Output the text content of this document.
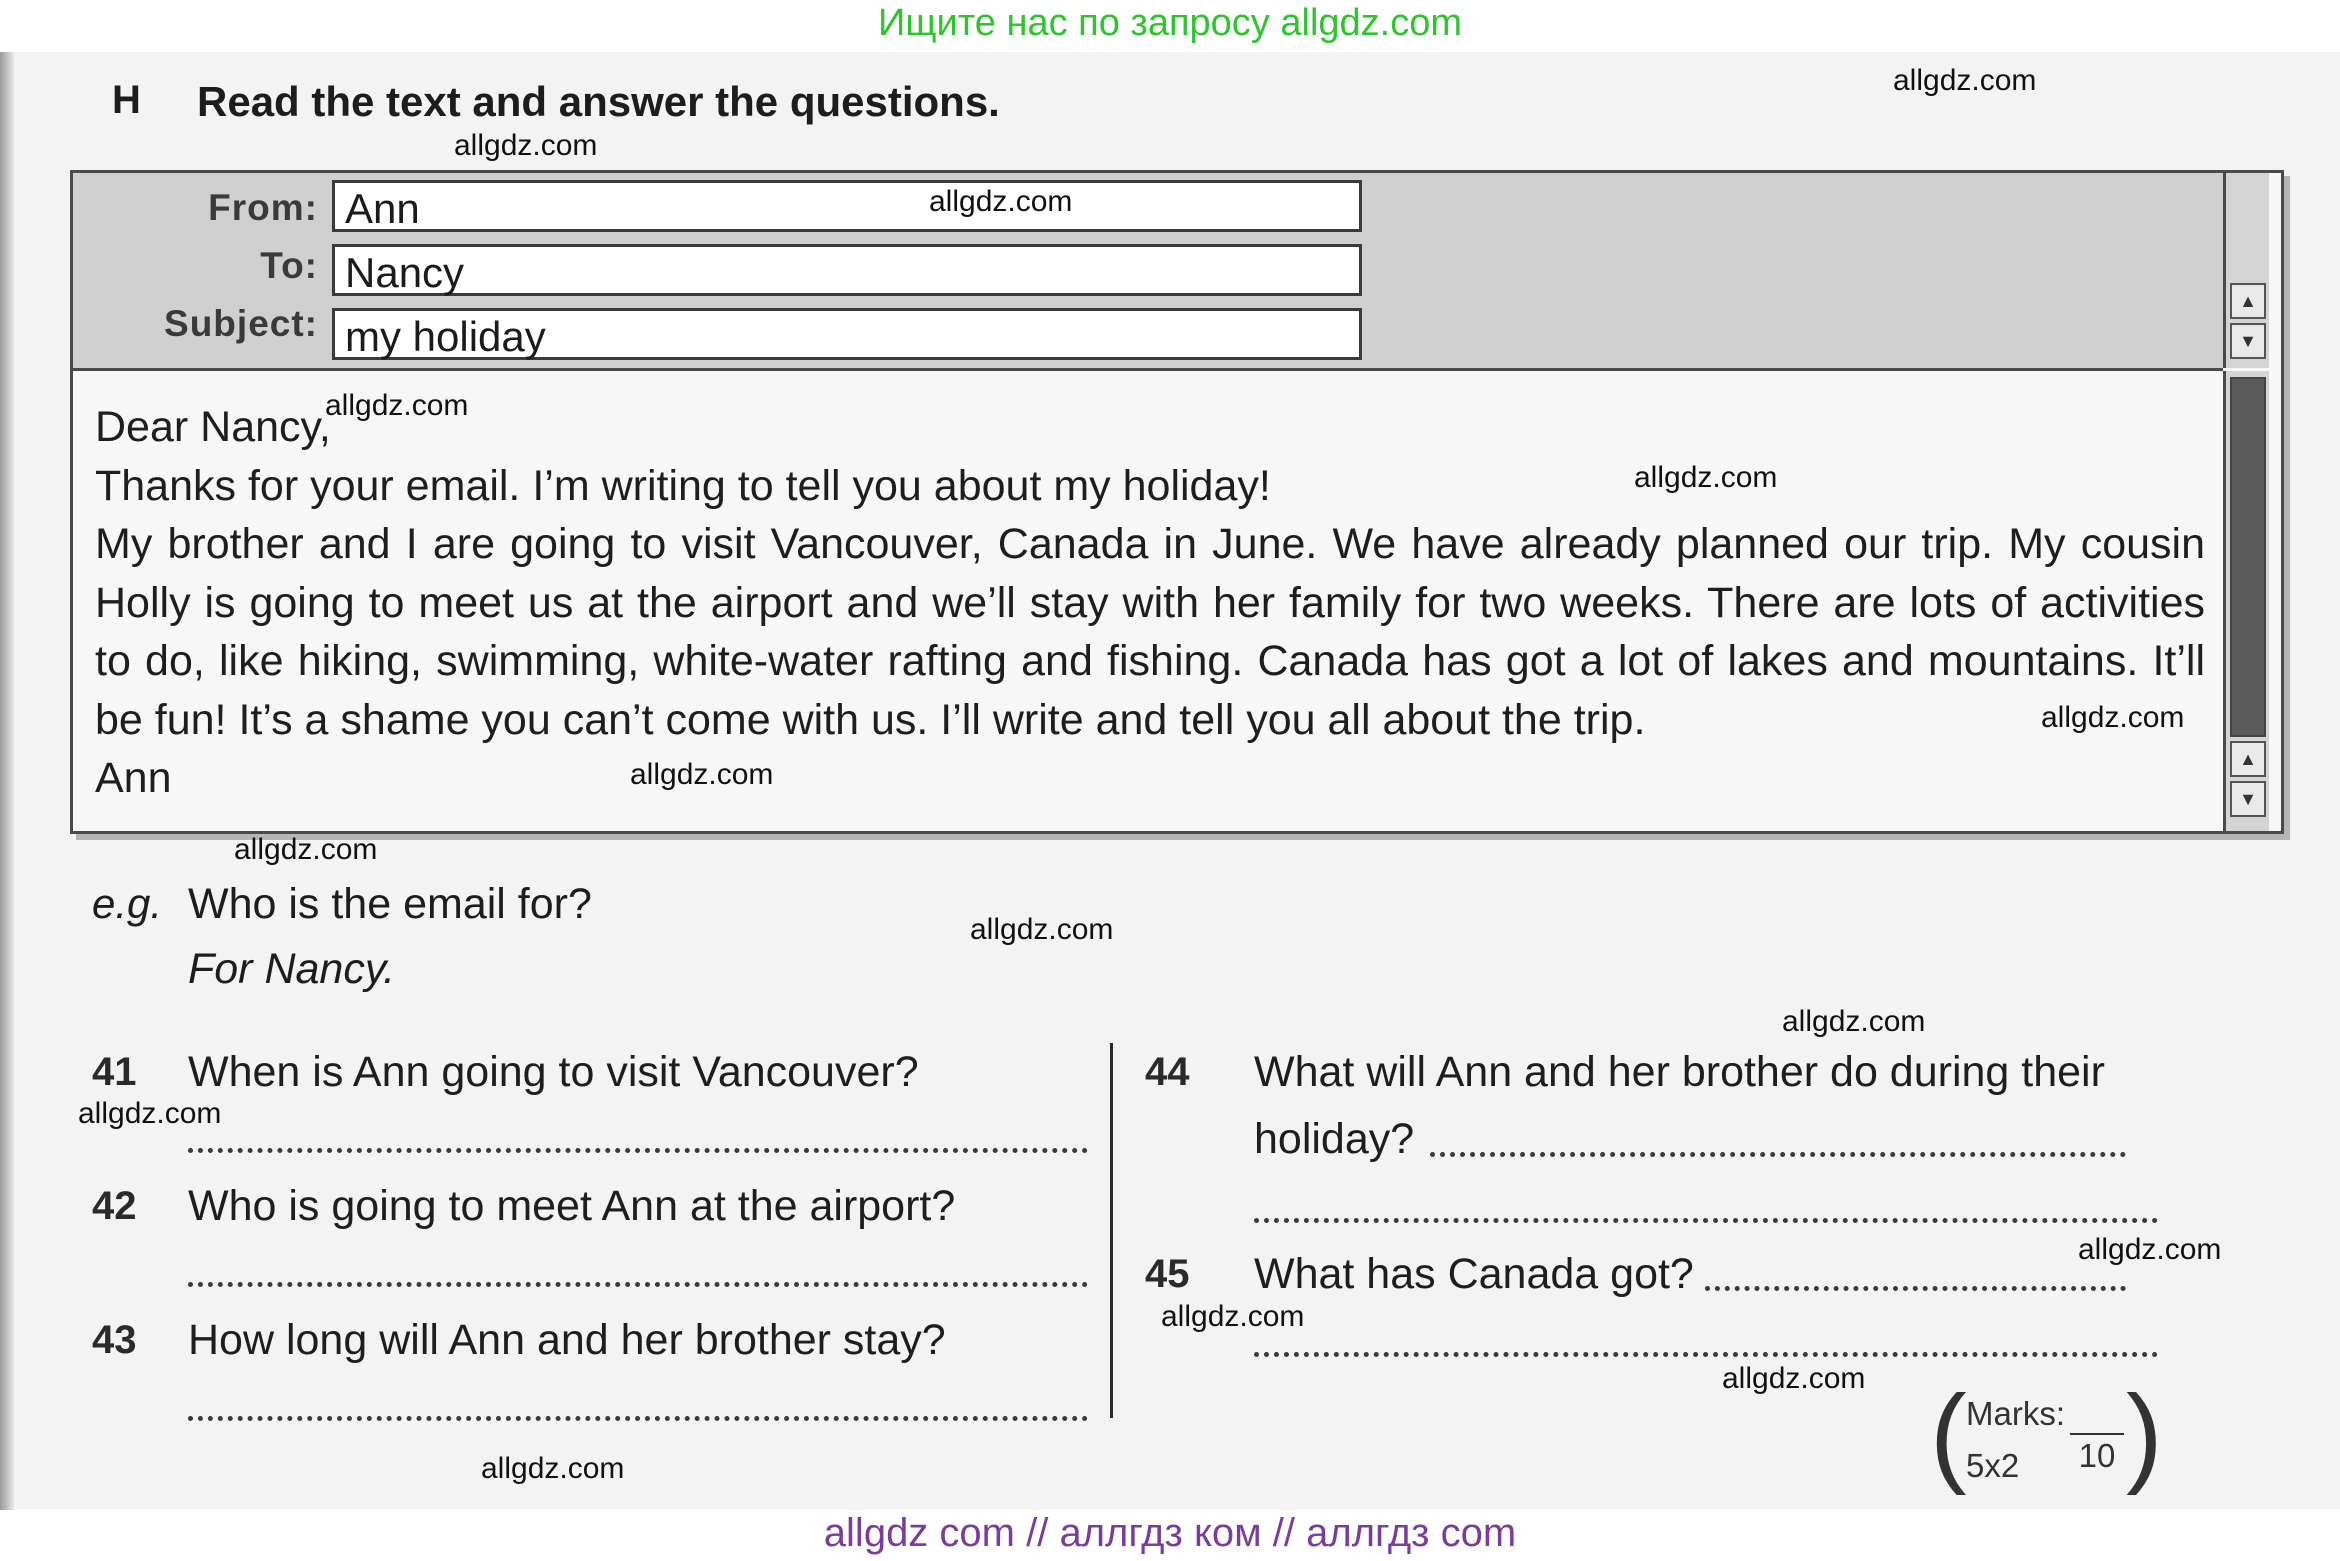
Ищите нас по запросу allgdz.com
H Read the text and answer the questions.
From: Ann
To: Nancy
Subject: my holiday
▲
▼
▲
▼

Dear Nancy,

Thanks for your email. I’m writing to tell you about my holiday!

My brother and I are going to visit Vancouver, Canada in June. We have already planned our trip. My cousin Holly is going to meet us at the airport and we’ll stay with her family for two weeks. There are lots of activities to do, like hiking, swimming, white-water rafting and fishing. Canada has got a lot of lakes and mountains. It’ll be fun! It’s a shame you can’t come with us. I’ll write and tell you all about the trip.

Ann

e.g. Who is the email for?
For Nancy.
41 When is Ann going to visit Vancouver?
42 Who is going to meet Ann at the airport?
43 How long will Ann and her brother stay?
44 What will Ann and her brother do during their
holiday?
45 What has Canada got?
( Marks:
10
5x2 )
allgdz.com
allgdz.com
allgdz.com
allgdz.com
allgdz.com
allgdz.com
allgdz.com
allgdz.com
allgdz.com
allgdz.com
allgdz.com
allgdz.com
allgdz.com
allgdz.com
allgdz.com
allgdz com // аллгдз ком // аллгдз com
